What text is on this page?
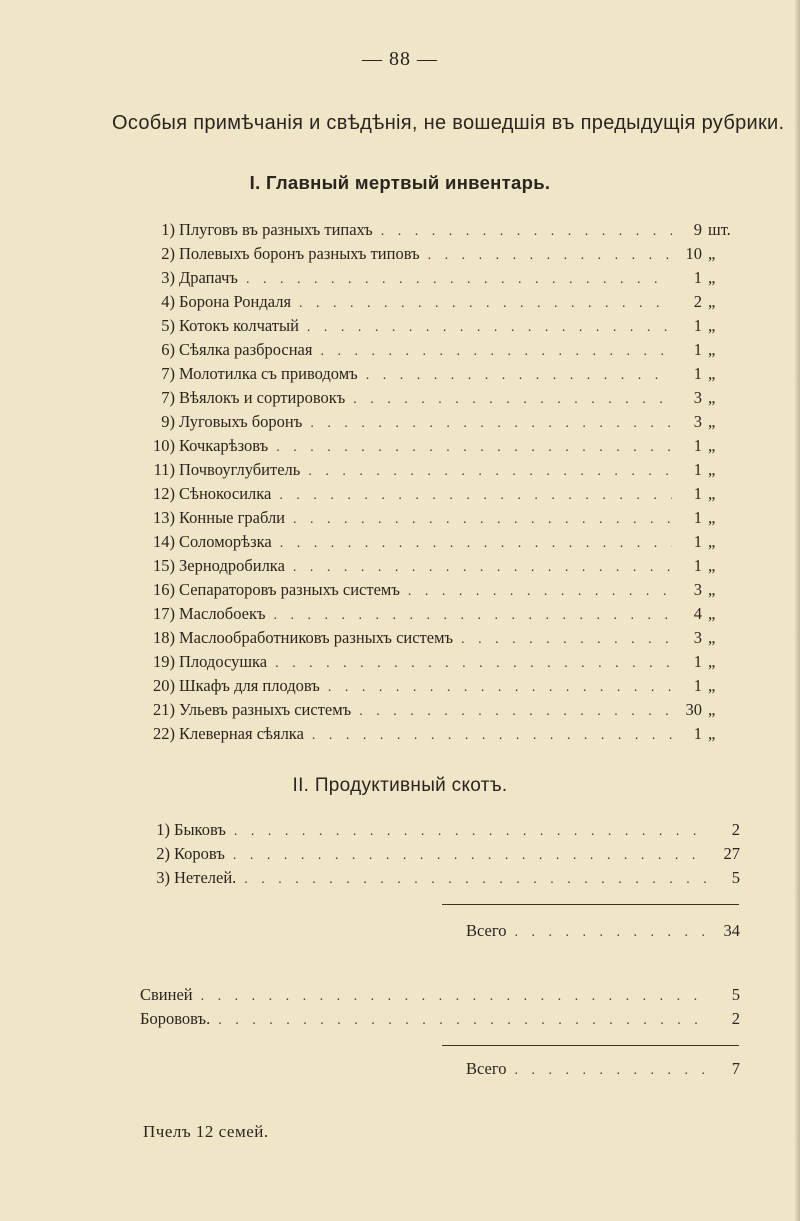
— 88 —
Особыя примѣчанія и свѣдѣнія, не вошедшія въ предыдущія рубрики.
I. Главный мертвый инвентарь.
1) Плуговъ въ разныхъ типахъ . . .	9 шт.
2) Полевыхъ боронъ разныхъ типовъ . . .	10 „
3) Драпачъ . . .	1 „
4) Борона Рондаля . . .	2 „
5) Котокъ колчатый . . .	1 „
6) Сѣялка разбросная . . .	1 „
7) Молотилка съ приводомъ . . .	1 „
7) Вѣялокъ и сортировокъ . . .	3 „
9) Луговыхъ боронъ . . .	3 „
10) Кочкарѣзовъ . . .	1 „
11) Почвоуглубитель . . .	1 „
12) Сѣнокосилка . . .	1 „
13) Конные грабли . . .	1 „
14) Соломорѣзка . . .	1 „
15) Зернодробилка . . .	1 „
16) Сепараторовъ разныхъ системъ . . .	3 „
17) Маслобоекъ . . .	4 „
18) Маслообработниковъ разныхъ системъ . . .	3 „
19) Плодосушка . . .	1 „
20) Шкафъ для плодовъ . . .	1 „
21) Ульевъ разныхъ системъ . . .	30 „
22) Клеверная сѣялка . . .	1 „
II. Продуктивный скотъ.
1) Быковъ . . .	2
2) Коровъ . . .	27
3) Нетелей. . . .	5
Всего . . .	34
Свиней . . .	5
Борововъ. . . .	2
Всего . . .	7
Пчелъ 12 семей.
